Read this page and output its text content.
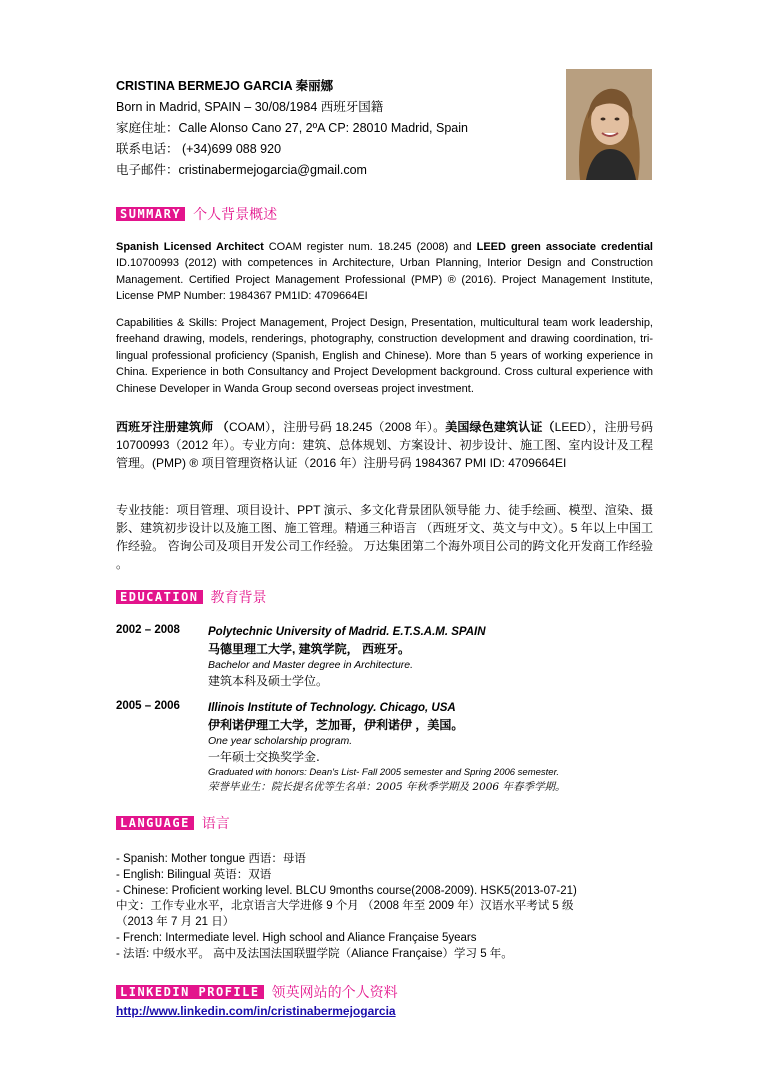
CRISTINA BERMEJO GARCIA 秦丽娜
Born in Madrid, SPAIN – 30/08/1984 西班牙国籍
家庭住址：Calle Alonso Cano 27, 2ºA CP: 28010 Madrid, Spain
联系电话： (+34)699 088 920
电子邮件：cristinabermejogarcia@gmail.com
SUMMARY 个人背景概述
Spanish Licensed Architect COAM register num. 18.245 (2008) and LEED green associate credential ID.10700993 (2012) with competences in Architecture, Urban Planning, Interior Design and Construction Management. Certified Project Management Professional (PMP) ® (2016). Project Management Institute, License PMP Number: 1984367 PM1ID: 4709664EI
Capabilities & Skills: Project Management, Project Design, Presentation, multicultural team work leadership, freehand drawing, models, renderings, photography, construction development and drawing coordination, tri-lingual professional proficiency (Spanish, English and Chinese). More than 5 years of working experience in China. Experience in both Consultancy and Project Development background. Cross cultural experience with Chinese Developer in Wanda Group second overseas project investment.
西班牙注册建筑师 （COAM），注册号码 18.245（2008 年）。美国绿色建筑认证（LEED），注册号码 10700993（2012 年）。专业方向：建筑、总体规划、方案设计、初步设计、施工图、室内设计及工程管理。(PMP) ® 项目管理资格认证（2016 年）注册号码 1984367 PMI ID: 4709664EI
专业技能：项目管理、项目设计、PPT 演示、多文化背景团队领导能 力、徒手绘画、模型、渲染、摄影、建筑初步设计以及施工图、施工管理。精通三种语言 （西班牙文、英文与中文）。5 年以上中国工作经验。 咨询公司及项目开发公司工作经验。 万达集团第二个海外项目公司的跨文化开发商工作经验 。
EDUCATION 教育背景
2002 – 2008 Polytechnic University of Madrid. E.T.S.A.M. SPAIN
马德里理工大学, 建筑学院， 西班牙。
Bachelor and Master degree in Architecture.
建筑本科及硕士学位。
2005 – 2006 Illinois Institute of Technology. Chicago, USA
伊利诺伊理工大学，芝加哥，伊利诺伊 ，美国。
One year scholarship program.
一年硕士交换奖学金.
Graduated with honors: Dean's List- Fall 2005 semester and Spring 2006 semester.
荣誉毕业生：院长提名优等生名单：2005 年秋季学期及 2006 年春季学期。
LANGUAGE 语言
- Spanish: Mother tongue 西语：母语
- English: Bilingual 英语：双语
- Chinese: Proficient working level. BLCU 9months course(2008-2009). HSK5(2013-07-21)
中文：工作专业水平，北京语言大学进修 9 个月 （2008 年至 2009 年）汉语水平考试 5 级
（2013 年 7 月 21 日）
- French: Intermediate level. High school and Aliance Française 5years
- 法语: 中级水平。 高中及法国法国联盟学院（Aliance Française）学习 5 年。
LINKEDIN PROFILE 领英网站的个人资料
http://www.linkedin.com/in/cristinabermejogarcia
